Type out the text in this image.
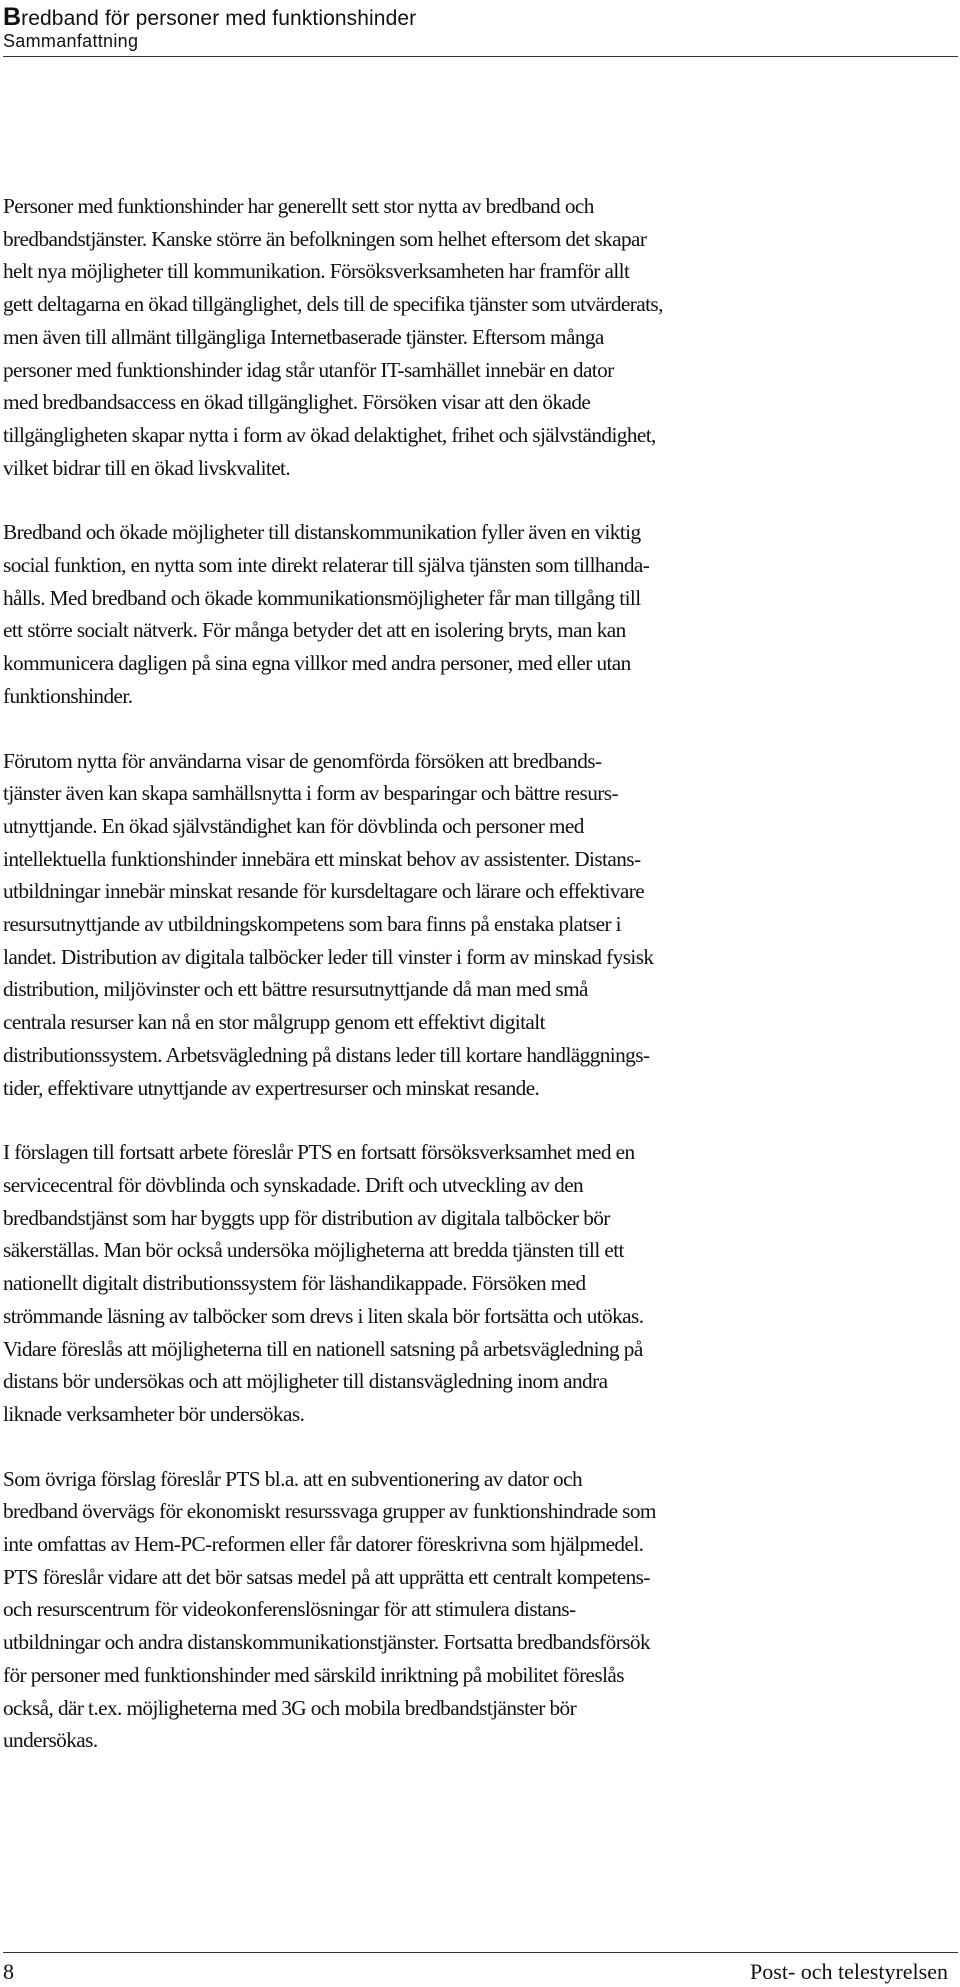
Bredband för personer med funktionshinder

Sammanfattning

Personer med funktionshinder har generellt sett stor nytta av bredband och
bredbandstjänster. Kanske större än befolkningen som helhet eftersom det skapar
helt nya möjligheter till kommunikation. Försöksverksamheten har framför allt
gett deltagarna en ökad tillgänglighet, dels till de specifika tjänster som utvärderats,
men även till allmänt tillgängliga Internetbaserade tjänster. Eftersom många
personer med funktionshinder idag står utanför IT-samhället innebär en dator
med bredbandsaccess en ökad tillgänglighet. Försöken visar att den ökade
tillgängligheten skapar nytta i form av ökad delaktighet, frihet och självständighet,
vilket bidrar till en ökad livskvalitet.

Bredband och ökade möjligheter till distanskommunikation fyller även en viktig
social funktion, en nytta som inte direkt relaterar till själva tjänsten som tillhanda-
hålls. Med bredband och ökade kommunikationsmöjligheter får man tillgång till
ett större socialt nätverk. För många betyder det att en isolering bryts, man kan
kommunicera dagligen på sina egna villkor med andra personer, med eller utan
funktionshinder.

Förutom nytta för användarna visar de genomförda försöken att bredbands-
tjänster även kan skapa samhällsnytta i form av besparingar och bättre resurs-
utnyttjande. En ökad självständighet kan för dövblinda och personer med
intellektuella funktionshinder innebära ett minskat behov av assistenter. Distans-
utbildningar innebär minskat resande för kursdeltagare och lärare och effektivare
resursutnyttjande av utbildningskompetens som bara finns på enstaka platser i
landet. Distribution av digitala talböcker leder till vinster i form av minskad fysisk
distribution, miljövinster och ett bättre resursutnyttjande då man med små
centrala resurser kan nå en stor målgrupp genom ett effektivt digitalt
distributionssystem. Arbetsvägledning på distans leder till kortare handläggnings-
tider, effektivare utnyttjande av expertresurser och minskat resande.

I förslagen till fortsatt arbete föreslår PTS en fortsatt försöksverksamhet med en
servicecentral för dövblinda och synskadade. Drift och utveckling av den
bredbandstjänst som har byggts upp för distribution av digitala talböcker bör
säkerställas. Man bör också undersöka möjligheterna att bredda tjänsten till ett
nationellt digitalt distributionssystem för läshandikappade. Försöken med
strömmande läsning av talböcker som drevs i liten skala bör fortsätta och utökas.
Vidare föreslås att möjligheterna till en nationell satsning på arbetsvägledning på
distans bör undersökas och att möjligheter till distansvägledning inom andra
liknade verksamheter bör undersökas.

Som övriga förslag föreslår PTS bl.a. att en subventionering av dator och
bredband övervägs för ekonomiskt resurssvaga grupper av funktionshindrade som
inte omfattas av Hem-PC-reformen eller får datorer föreskrivna som hjälpmedel.
PTS föreslår vidare att det bör satsas medel på att upprätta ett centralt kompetens-
och resurscentrum för videokonferenslösningar för att stimulera distans-
utbildningar och andra distanskommunikationstjänster. Fortsatta bredbandsförsök
för personer med funktionshinder med särskild inriktning på mobilitet föreslås
också, där t.ex. möjligheterna med 3G och mobila bredbandstjänster bör
undersökas.

8	Post- och telestyrelsen
